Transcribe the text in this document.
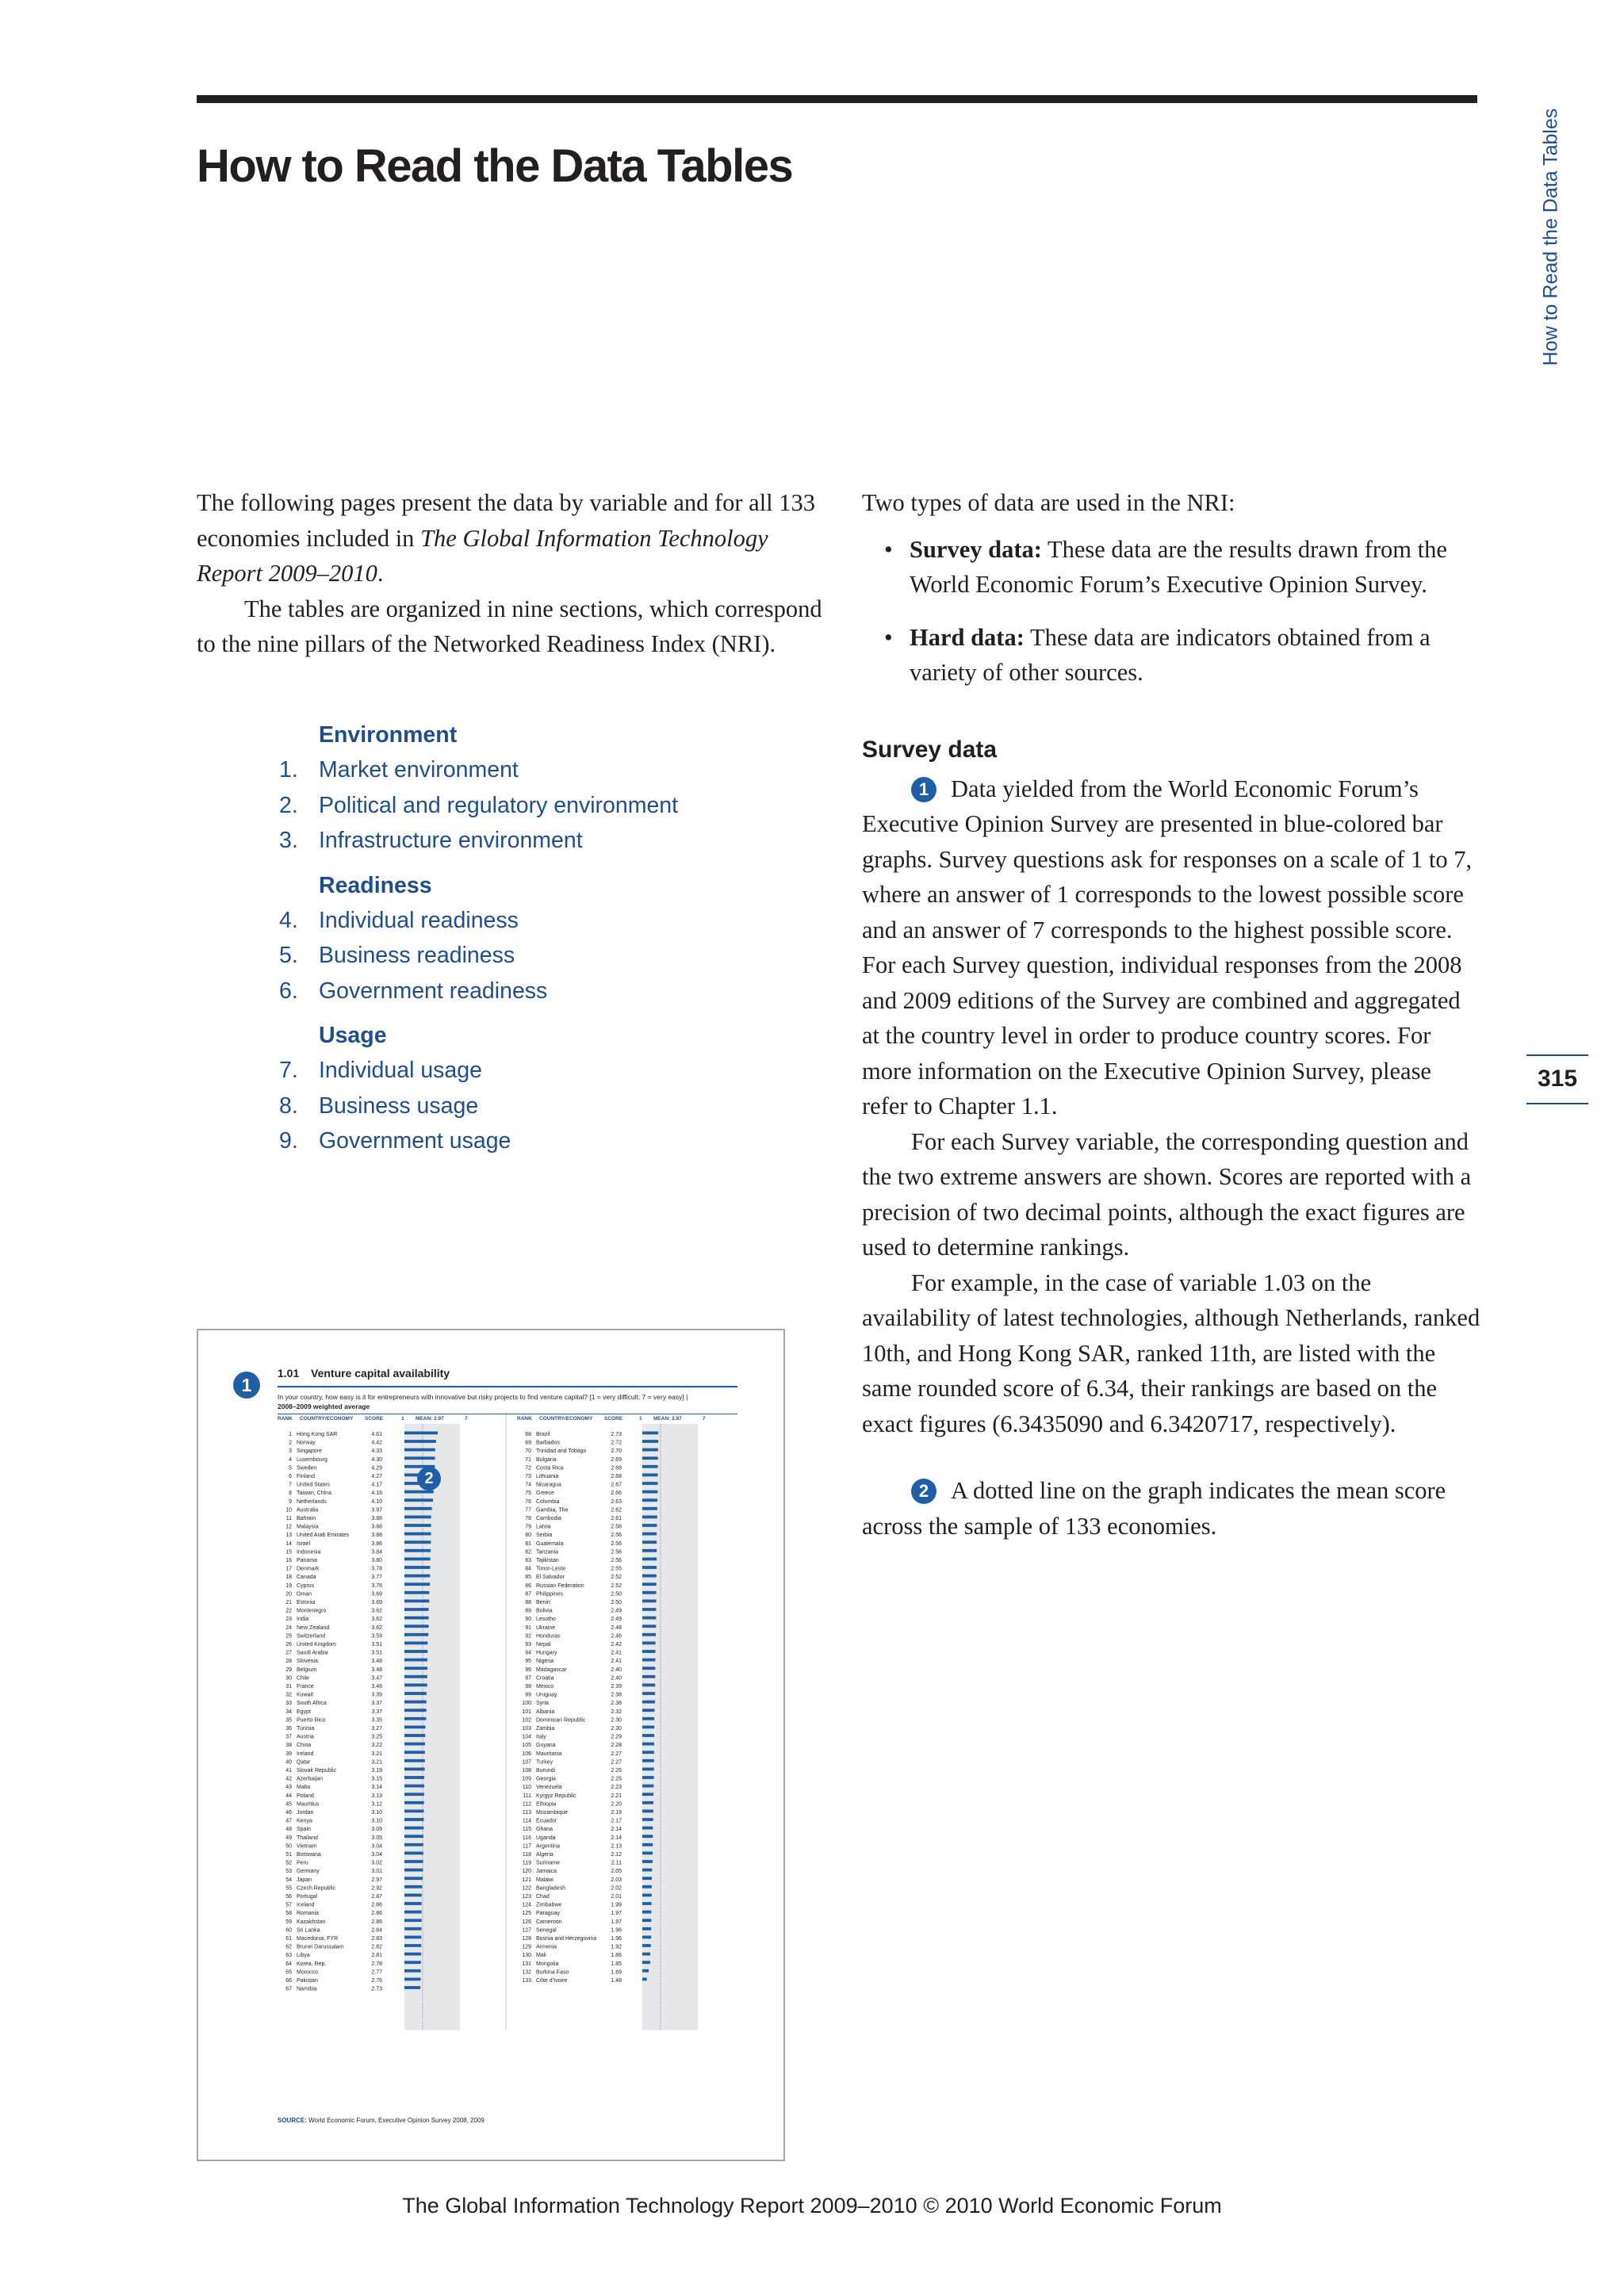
How to Read the Data Tables	How to Read the Data Tables
315

The following pages present the data by variable and for all 133 economies included in The Global Information Technology Report 2009–2010.

The tables are organized in nine sections, which correspond to the nine pillars of the Networked Readiness Index (NRI).

Environment
1. Market environment
2. Political and regulatory environment
3. Infrastructure environment
Readiness
4. Individual readiness
5. Business readiness
6. Government readiness
Usage
7. Individual usage
8. Business usage
9. Government usage

Two types of data are used in the NRI:

• Survey data: These data are the results drawn from the World Economic Forum’s Executive Opinion Survey.
• Hard data: These data are indicators obtained from a variety of other sources.
Survey data

1 Data yielded from the World Economic Forum’s Executive Opinion Survey are presented in blue-colored bar graphs. Survey questions ask for responses on a scale of 1 to 7, where an answer of 1 corresponds to the lowest possible score and an answer of 7 corresponds to the highest possible score. For each Survey question, individual responses from the 2008 and 2009 editions of the Survey are combined and aggregated at the country level in order to produce country scores. For more information on the Executive Opinion Survey, please refer to Chapter 1.1.

For each Survey variable, the corresponding question and the two extreme answers are shown. Scores are reported with a precision of two decimal points, although the exact figures are used to determine rankings.

For example, in the case of variable 1.03 on the availability of latest technologies, although Netherlands, ranked 10th, and Hong Kong SAR, ranked 11th, are listed with the same rounded score of 6.34, their rankings are based on the exact figures (6.3435090 and 6.3420717, respectively).

2 A dotted line on the graph indicates the mean score across the sample of 133 economies.

RANK COUNTRY/ECONOMY SCORE	1 MEAN: 2.97	7
1 Hong Kong SAR	4.61
2 Norway	4.42
3 Singapore	4.33
4 Luxembourg	4.30
5 Sweden	4.29
6 Finland	4.27
7 United States	4.17
8 Taiwan, China	4.16
9 Netherlands	4.10
10 Australia	3.97
11 Bahrain	3.88
12 Malaysia	3.88
13 United Arab Emirates	3.88
14 Israel	3.86
15 Indonesia	3.84
16 Panama	3.80
17 Denmark	3.78
18 Canada	3.77
19 Cyprus	3.76
20 Oman	3.69
21 Estonia	3.69
22 Montenegro	3.62
23 India	3.62
24 New Zealand	3.62
25 Switzerland	3.59
26 United Kingdom	3.51
27 Saudi Arabia	3.51
28 Slovenia	3.48
29 Belgium	3.48
30 Chile	3.47
31 France	3.46
32 Kuwait	3.39
33 South Africa	3.37
34 Egypt	3.37
35 Puerto Rico	3.35
36 Tunisia	3.27
37 Austria	3.25
38 China	3.22
39 Ireland	3.21
40 Qatar	3.21
41 Slovak Republic	3.19
42 Azerbaijan	3.15
43 Malta	3.14
44 Poland	3.13
45 Mauritius	3.12
46 Jordan	3.10
47 Kenya	3.10
48 Spain	3.09
49 Thailand	3.05
50 Vietnam	3.04
51 Botswana	3.04
52 Peru	3.02
53 Germany	3.01
54 Japan	2.97
55 Czech Republic	2.92
56 Portugal	2.87
57 Iceland	2.86
58 Romania	2.86
59 Kazakhstan	2.86
60 Sri Lanka	2.84
61 Macedonia, FYR	2.83
62 Brunei Darussalam	2.82
63 Libya	2.81
64 Korea, Rep.	2.78
65 Morocco	2.77
66 Pakistan	2.76
67 Namibia	2.73
RANK COUNTRY/ECONOMY SCORE	1 MEAN: 2.97	7
68 Brazil	2.73
69 Barbados	2.72
70 Trinidad and Tobago	2.70
71 Bulgaria	2.69
72 Costa Rica	2.68
73 Lithuania	2.68
74 Nicaragua	2.67
75 Greece	2.66
76 Colombia	2.63
77 Gambia, The	2.62
78 Cambodia	2.61
79 Latvia	2.58
80 Serbia	2.56
81 Guatemala	2.56
82 Tanzania	2.56
83 Tajikistan	2.56
84 Timor-Leste	2.55
85 El Salvador	2.52
86 Russian Federation	2.52
87 Philippines	2.50
88 Benin	2.50
89 Bolivia	2.49
90 Lesotho	2.49
91 Ukraine	2.48
92 Honduras	2.46
93 Nepal	2.42
94 Hungary	2.41
95 Nigeria	2.41
96 Madagascar	2.40
97 Croatia	2.40
98 Mexico	2.39
99 Uruguay	2.38
100 Syria	2.38
101 Albania	2.32
102 Dominican Republic	2.30
103 Zambia	2.30
104 Italy	2.29
105 Guyana	2.28
106 Mauritania	2.27
107 Turkey	2.27
108 Burundi	2.26
109 Georgia	2.25
110 Venezuela	2.23
111 Kyrgyz Republic	2.21
112 Ethiopia	2.20
113 Mozambique	2.19
114 Ecuador	2.17
115 Ghana	2.14
116 Uganda	2.14
117 Argentina	2.13
118 Algeria	2.12
119 Suriname	2.11
120 Jamaica	2.05
121 Malawi	2.03
122 Bangladesh	2.02
123 Chad	2.01
124 Zimbabwe	1.99
125 Paraguay	1.97
126 Cameroon	1.97
127 Senegal	1.96
128 Bosnia and Herzegovina	1.96
129 Armenia	1.92
130 Mali	1.86
131 Mongolia	1.85
132 Burkina Faso	1.69
133 Côte d’Ivoire	1.48
1
2
1.01 Venture capital availability
In your country, how easy is it for entrepreneurs with innovative but risky projects to find venture capital? [1 = very difficult; 7 = very easy] |
2008–2009 weighted average
SOURCE: World Economic Forum, Executive Opinion Survey 2008, 2009
The Global Information Technology Report 2009–2010 © 2010 World Economic Forum
